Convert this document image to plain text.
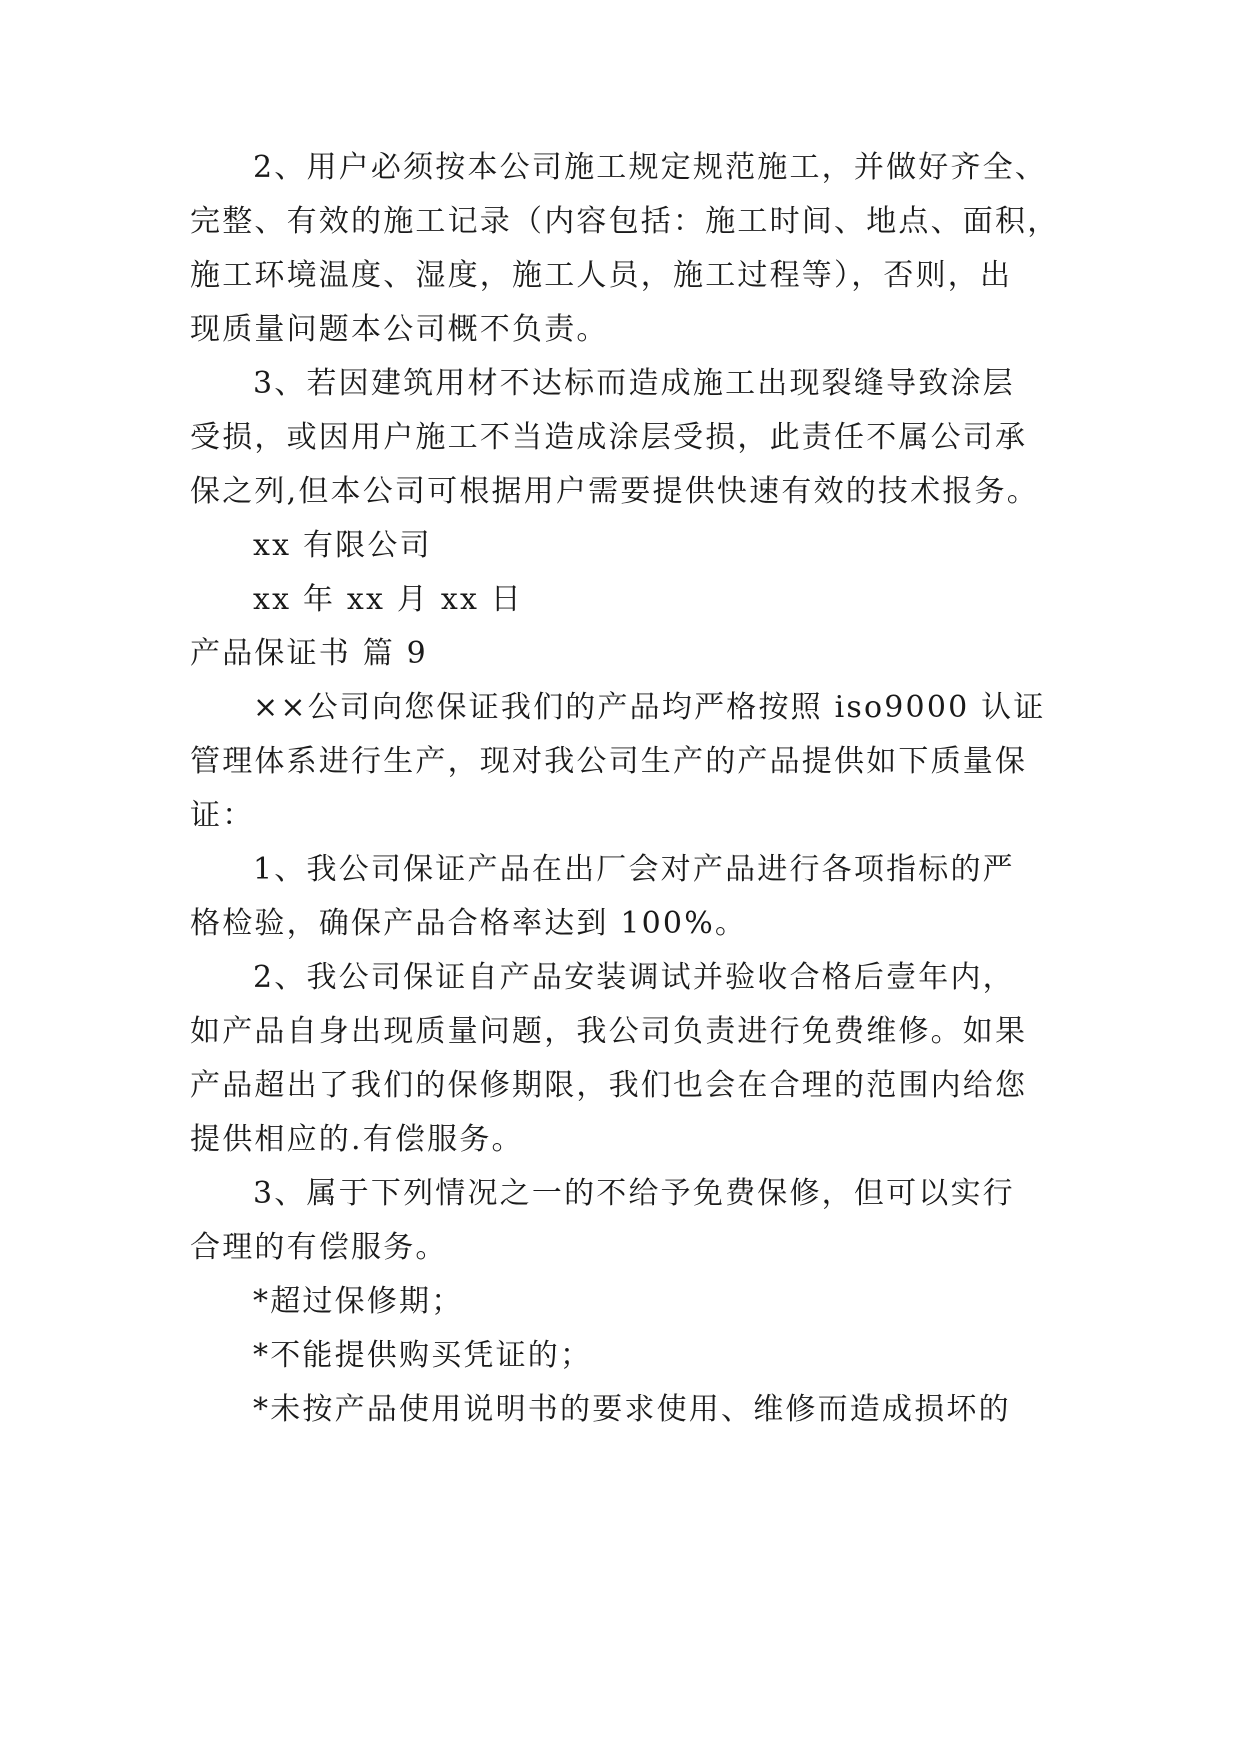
2、用户必须按本公司施工规定规范施工，并做好齐全、
完整、有效的施工记录（内容包括：施工时间、地点、面积，
施工环境温度、湿度，施工人员，施工过程等），否则，出
现质量问题本公司概不负责。
3、若因建筑用材不达标而造成施工出现裂缝导致涂层
受损，或因用户施工不当造成涂层受损，此责任不属公司承
保之列,但本公司可根据用户需要提供快速有效的技术报务。
xx 有限公司
xx 年 xx 月 xx 日
产品保证书 篇 9
××公司向您保证我们的产品均严格按照 iso9000 认证
管理体系进行生产，现对我公司生产的产品提供如下质量保
证：
1、我公司保证产品在出厂会对产品进行各项指标的严
格检验，确保产品合格率达到 100%。
2、我公司保证自产品安装调试并验收合格后壹年内，
如产品自身出现质量问题，我公司负责进行免费维修。如果
产品超出了我们的保修期限，我们也会在合理的范围内给您
提供相应的.有偿服务。
3、属于下列情况之一的不给予免费保修，但可以实行
合理的有偿服务。
*超过保修期；
*不能提供购买凭证的；
*未按产品使用说明书的要求使用、维修而造成损坏的
